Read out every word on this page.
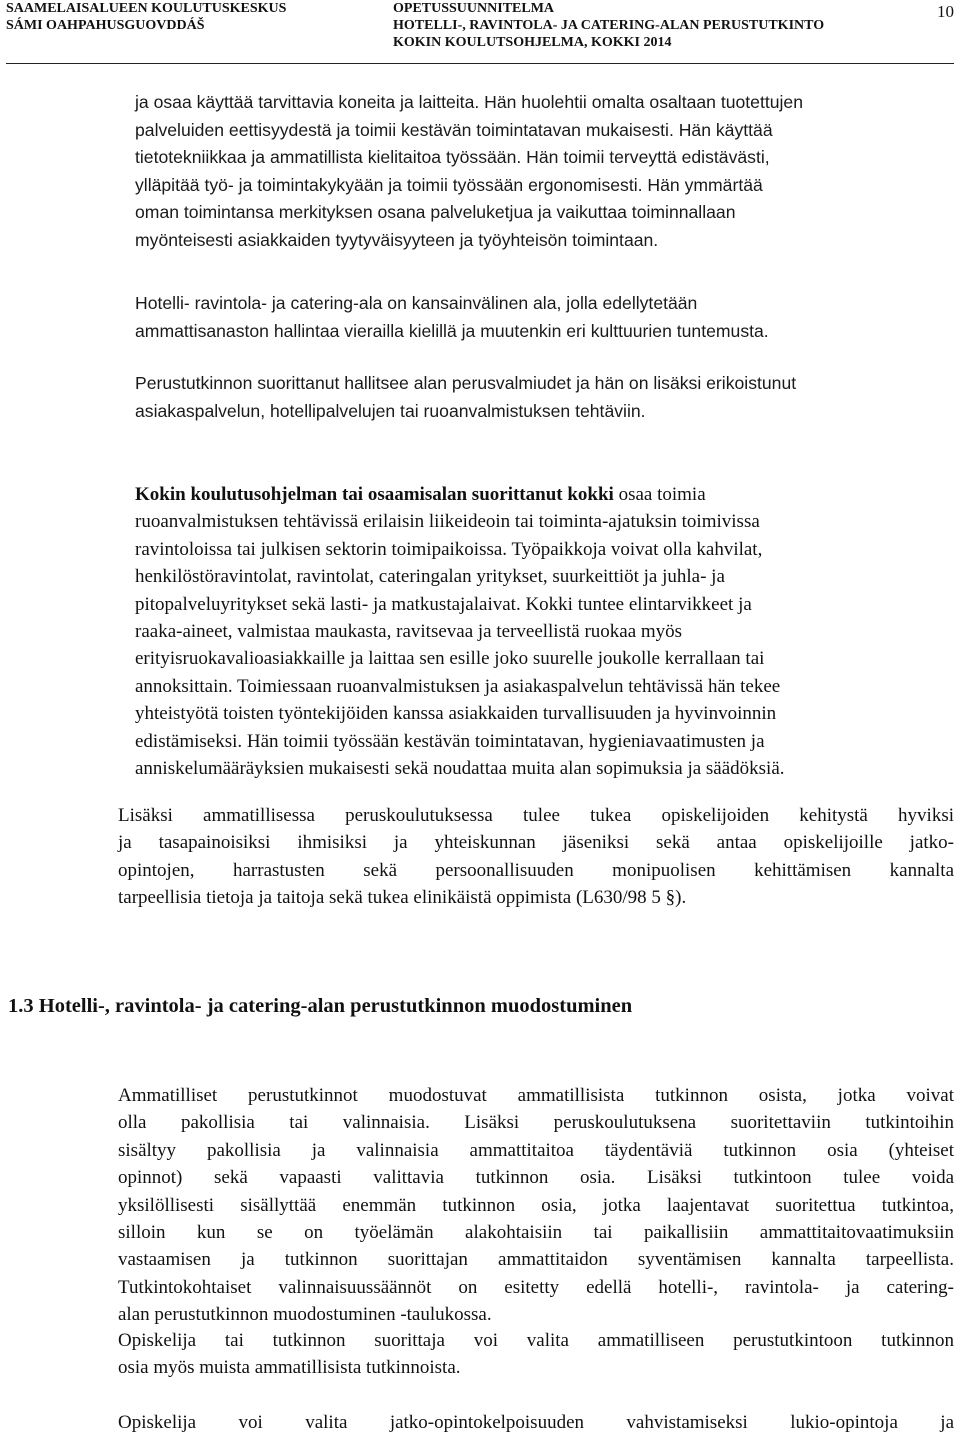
SAAMELAISALUEEN KOULUTUSKESKUS
SÁMI OAHPAHUSGUOVDDÁŠ
OPETUSSUUNNITELMA
HOTELLI-, RAVINTOLA- JA CATERING-ALAN PERUSTUTKINTO
KOKIN KOULUTSOHJELMA, KOKKI 2014
10

ja osaa käyttää tarvittavia koneita ja laitteita. Hän huolehtii omalta osaltaan tuotettujen
palveluiden eettisyydestä ja toimii kestävän toimintatavan mukaisesti. Hän käyttää
tietotekniikkaa ja ammatillista kielitaitoa työssään. Hän toimii terveyttä edistävästi,
ylläpitää työ- ja toimintakykyään ja toimii työssään ergonomisesti. Hän ymmärtää
oman toimintansa merkityksen osana palveluketjua ja vaikuttaa toiminnallaan
myönteisesti asiakkaiden tyytyväisyyteen ja työyhteisön toimintaan.

Hotelli- ravintola- ja catering-ala on kansainvälinen ala, jolla edellytetään
ammattisanaston hallintaa vierailla kielillä ja muutenkin eri kulttuurien tuntemusta.

Perustutkinnon suorittanut hallitsee alan perusvalmiudet ja hän on lisäksi erikoistunut
asiakaspalvelun, hotellipalvelujen tai ruoanvalmistuksen tehtäviin.

Kokin koulutusohjelman tai osaamisalan suorittanut kokki osaa toimia
ruoanvalmistuksen tehtävissä erilaisin liikeideoin tai toiminta-ajatuksin toimivissa
ravintoloissa tai julkisen sektorin toimipaikoissa. Työpaikkoja voivat olla kahvilat,
henkilöstöravintolat, ravintolat, cateringalan yritykset, suurkeittiöt ja juhla- ja
pitopalveluyritykset sekä lasti- ja matkustajalaivat. Kokki tuntee elintarvikkeet ja
raaka-aineet, valmistaa maukasta, ravitsevaa ja terveellistä ruokaa myös
erityisruokavalioasiakkaille ja laittaa sen esille joko suurelle joukolle kerrallaan tai
annoksittain. Toimiessaan ruoanvalmistuksen ja asiakaspalvelun tehtävissä hän tekee
yhteistyötä toisten työntekijöiden kanssa asiakkaiden turvallisuuden ja hyvinvoinnin
edistämiseksi. Hän toimii työssään kestävän toimintatavan, hygieniavaatimusten ja
anniskelumääräyksien mukaisesti sekä noudattaa muita alan sopimuksia ja säädöksiä.

Lisäksi ammatillisessa peruskoulutuksessa tulee tukea opiskelijoiden kehitystä hyviksi
ja tasapainoisiksi ihmisiksi ja yhteiskunnan jäseniksi sekä antaa opiskelijoille jatko-
opintojen, harrastusten sekä persoonallisuuden monipuolisen kehittämisen kannalta
tarpeellisia tietoja ja taitoja sekä tukea elinikäistä oppimista (L630/98 5 §).

1.3 Hotelli-, ravintola- ja catering-alan perustutkinnon muodostuminen

Ammatilliset perustutkinnot muodostuvat ammatillisista tutkinnon osista, jotka voivat
olla pakollisia tai valinnaisia. Lisäksi peruskoulutuksena suoritettaviin tutkintoihin
sisältyy pakollisia ja valinnaisia ammattitaitoa täydentäviä tutkinnon osia (yhteiset
opinnot) sekä vapaasti valittavia tutkinnon osia. Lisäksi tutkintoon tulee voida
yksilöllisesti sisällyttää enemmän tutkinnon osia, jotka laajentavat suoritettua tutkintoa,
silloin kun se on työelämän alakohtaisiin tai paikallisiin ammattitaitovaatimuksiin
vastaamisen ja tutkinnon suorittajan ammattitaidon syventämisen kannalta tarpeellista.
Tutkintokohtaiset valinnaisuussäännöt on esitetty edellä hotelli-, ravintola- ja catering-
alan perustutkinnon muodostuminen -taulukossa.

Opiskelija tai tutkinnon suorittaja voi valita ammatilliseen perustutkintoon tutkinnon
osia myös muista ammatillisista tutkinnoista.

Opiskelija voi valita jatko-opintokelpoisuuden vahvistamiseksi lukio-opintoja ja
